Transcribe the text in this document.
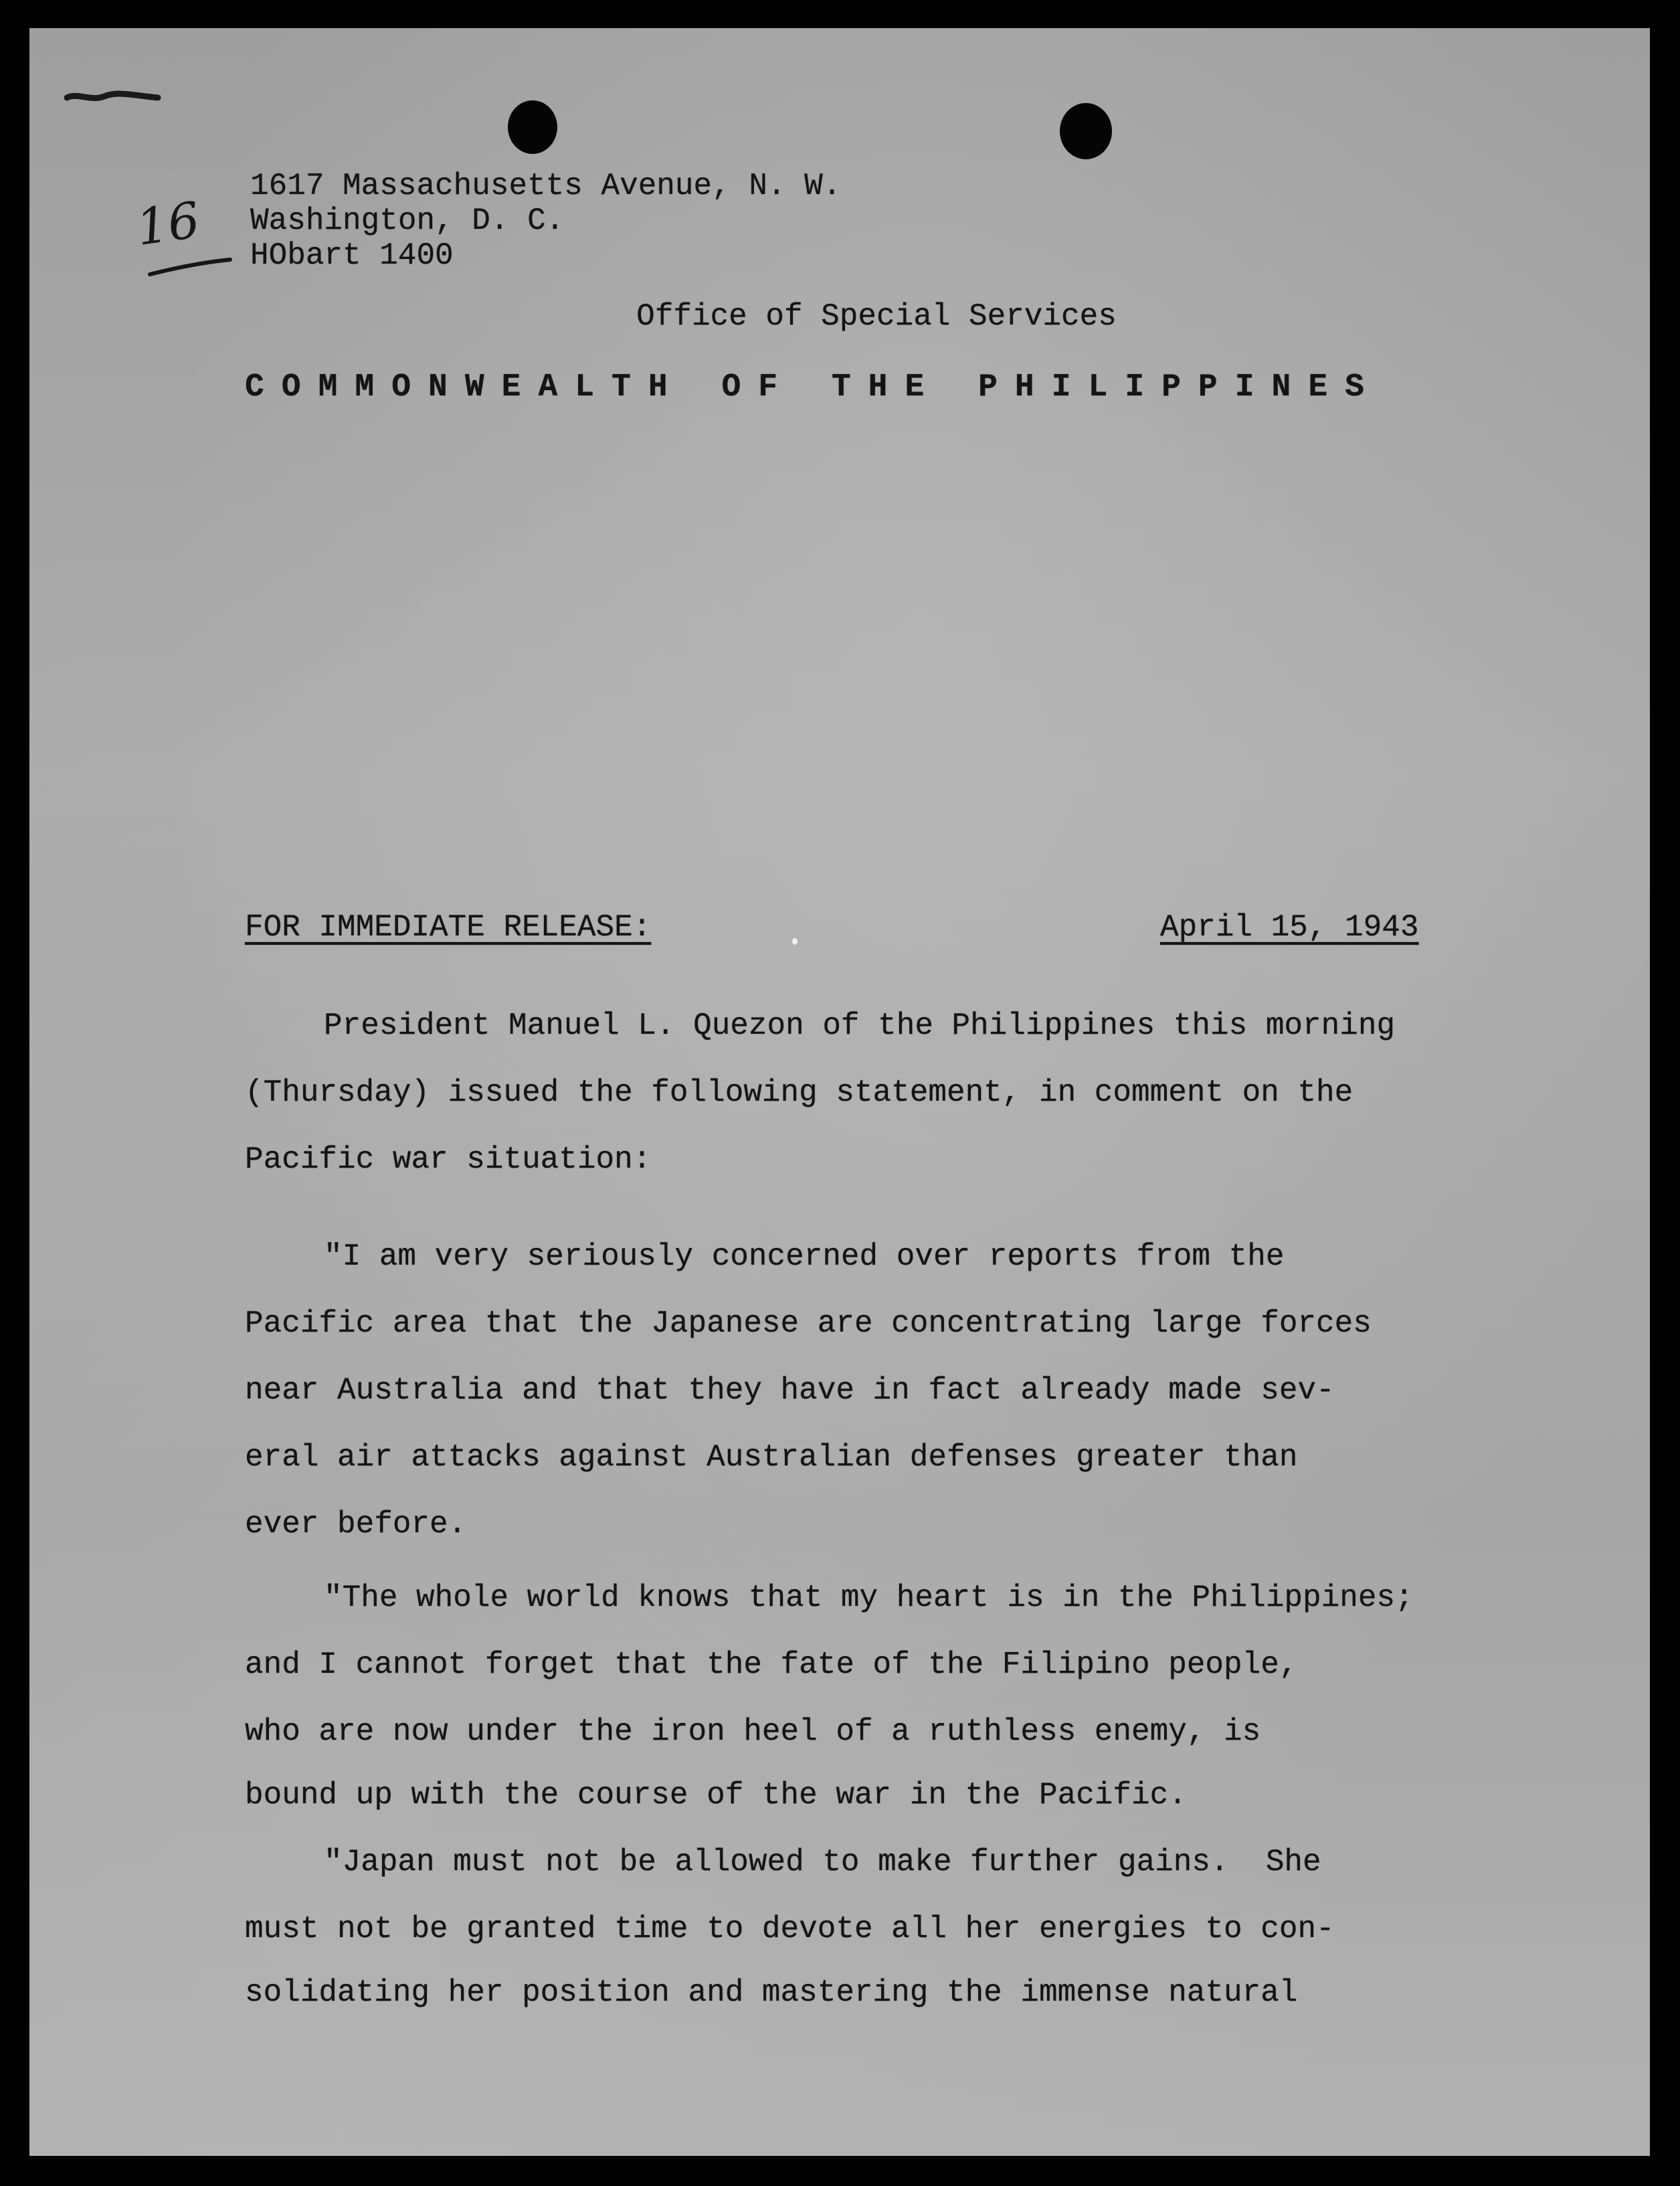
16
1617 Massachusetts Avenue, N. W.
Washington, D. C.
HObart 1400
Office of Special Services
COMMONWEALTH OF THE PHILIPPINES
FOR IMMEDIATE RELEASE:	April 15, 1943
President Manuel L. Quezon of the Philippines this morning
(Thursday) issued the following statement, in comment on the
Pacific war situation:
"I am very seriously concerned over reports from the
Pacific area that the Japanese are concentrating large forces
near Australia and that they have in fact already made sev-
eral air attacks against Australian defenses greater than
ever before.
"The whole world knows that my heart is in the Philippines;
and I cannot forget that the fate of the Filipino people,
who are now under the iron heel of a ruthless enemy, is
bound up with the course of the war in the Pacific.
"Japan must not be allowed to make further gains.  She
must not be granted time to devote all her energies to con-
solidating her position and mastering the immense natural
